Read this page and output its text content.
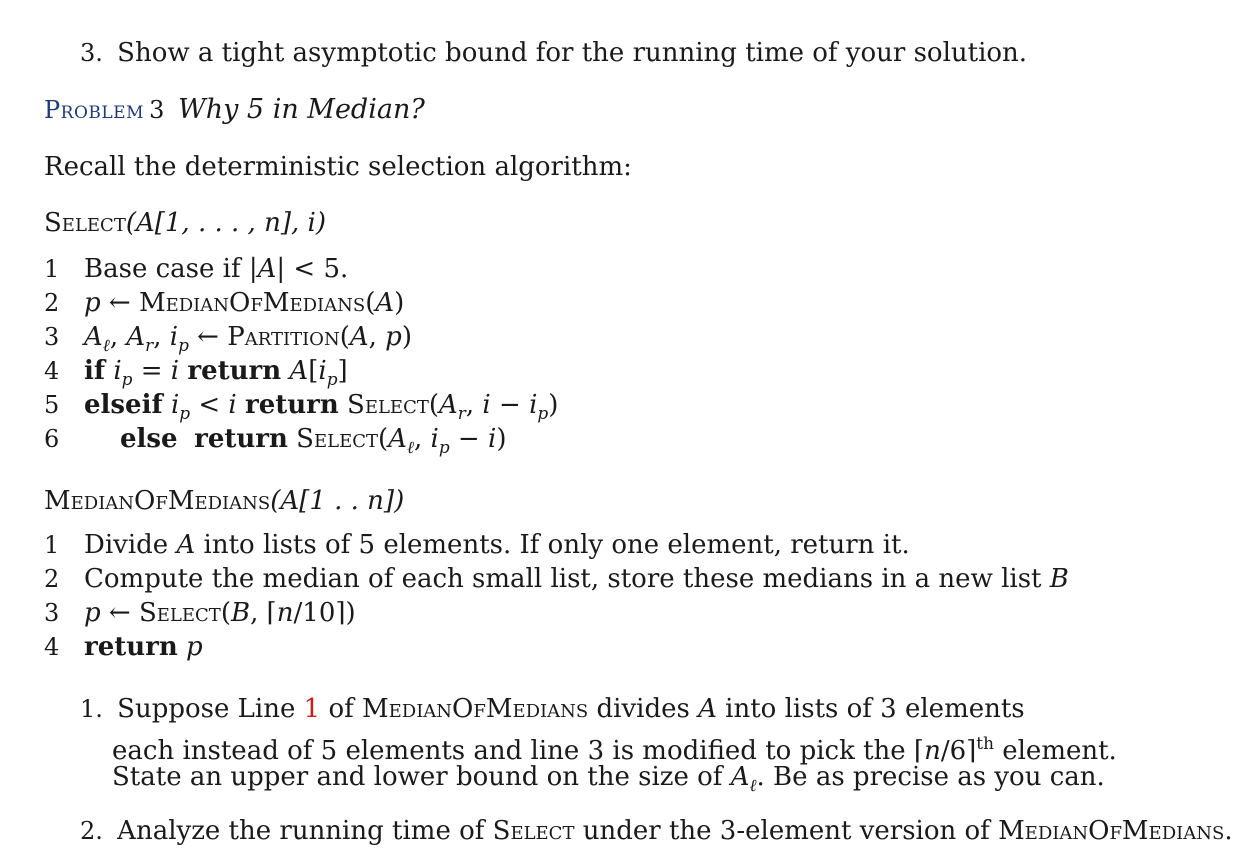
3. Show a tight asymptotic bound for the running time of your solution.
Problem 3 Why 5 in Median?
Recall the deterministic selection algorithm:
Select(A[1, . . . , n], i)
1 Base case if |A| < 5.
2 p ← MedianOfMedians(A)
3 $A_\ell$, $A_r$, $i_p$ ← Partition(A, p)
4 if $i_p = i$ return $A[i_p]$
5 elseif $i_p < i$ return $Select(A_r$, $i - i_p$)
6 else return $Select(A_\ell$, $i_p - i$)
MedianOfMedians(A[1 . . n])
1 Divide A into lists of 5 elements. If only one element, return it.
2 Compute the median of each small list, store these medians in a new list B
3 p ← Select(B, ⌈n/10⌉)
4 return p
1. Suppose Line 1 of MedianOfMedians divides A into lists of 3 elements
each instead of 5 elements and line 3 is modified to pick the ⌈n/6⌉$^{th}$ element.
State an upper and lower bound on the size of $A_\ell$. Be as precise as you can.
2. Analyze the running time of Select under the 3-element version of MedianOfMedians.
